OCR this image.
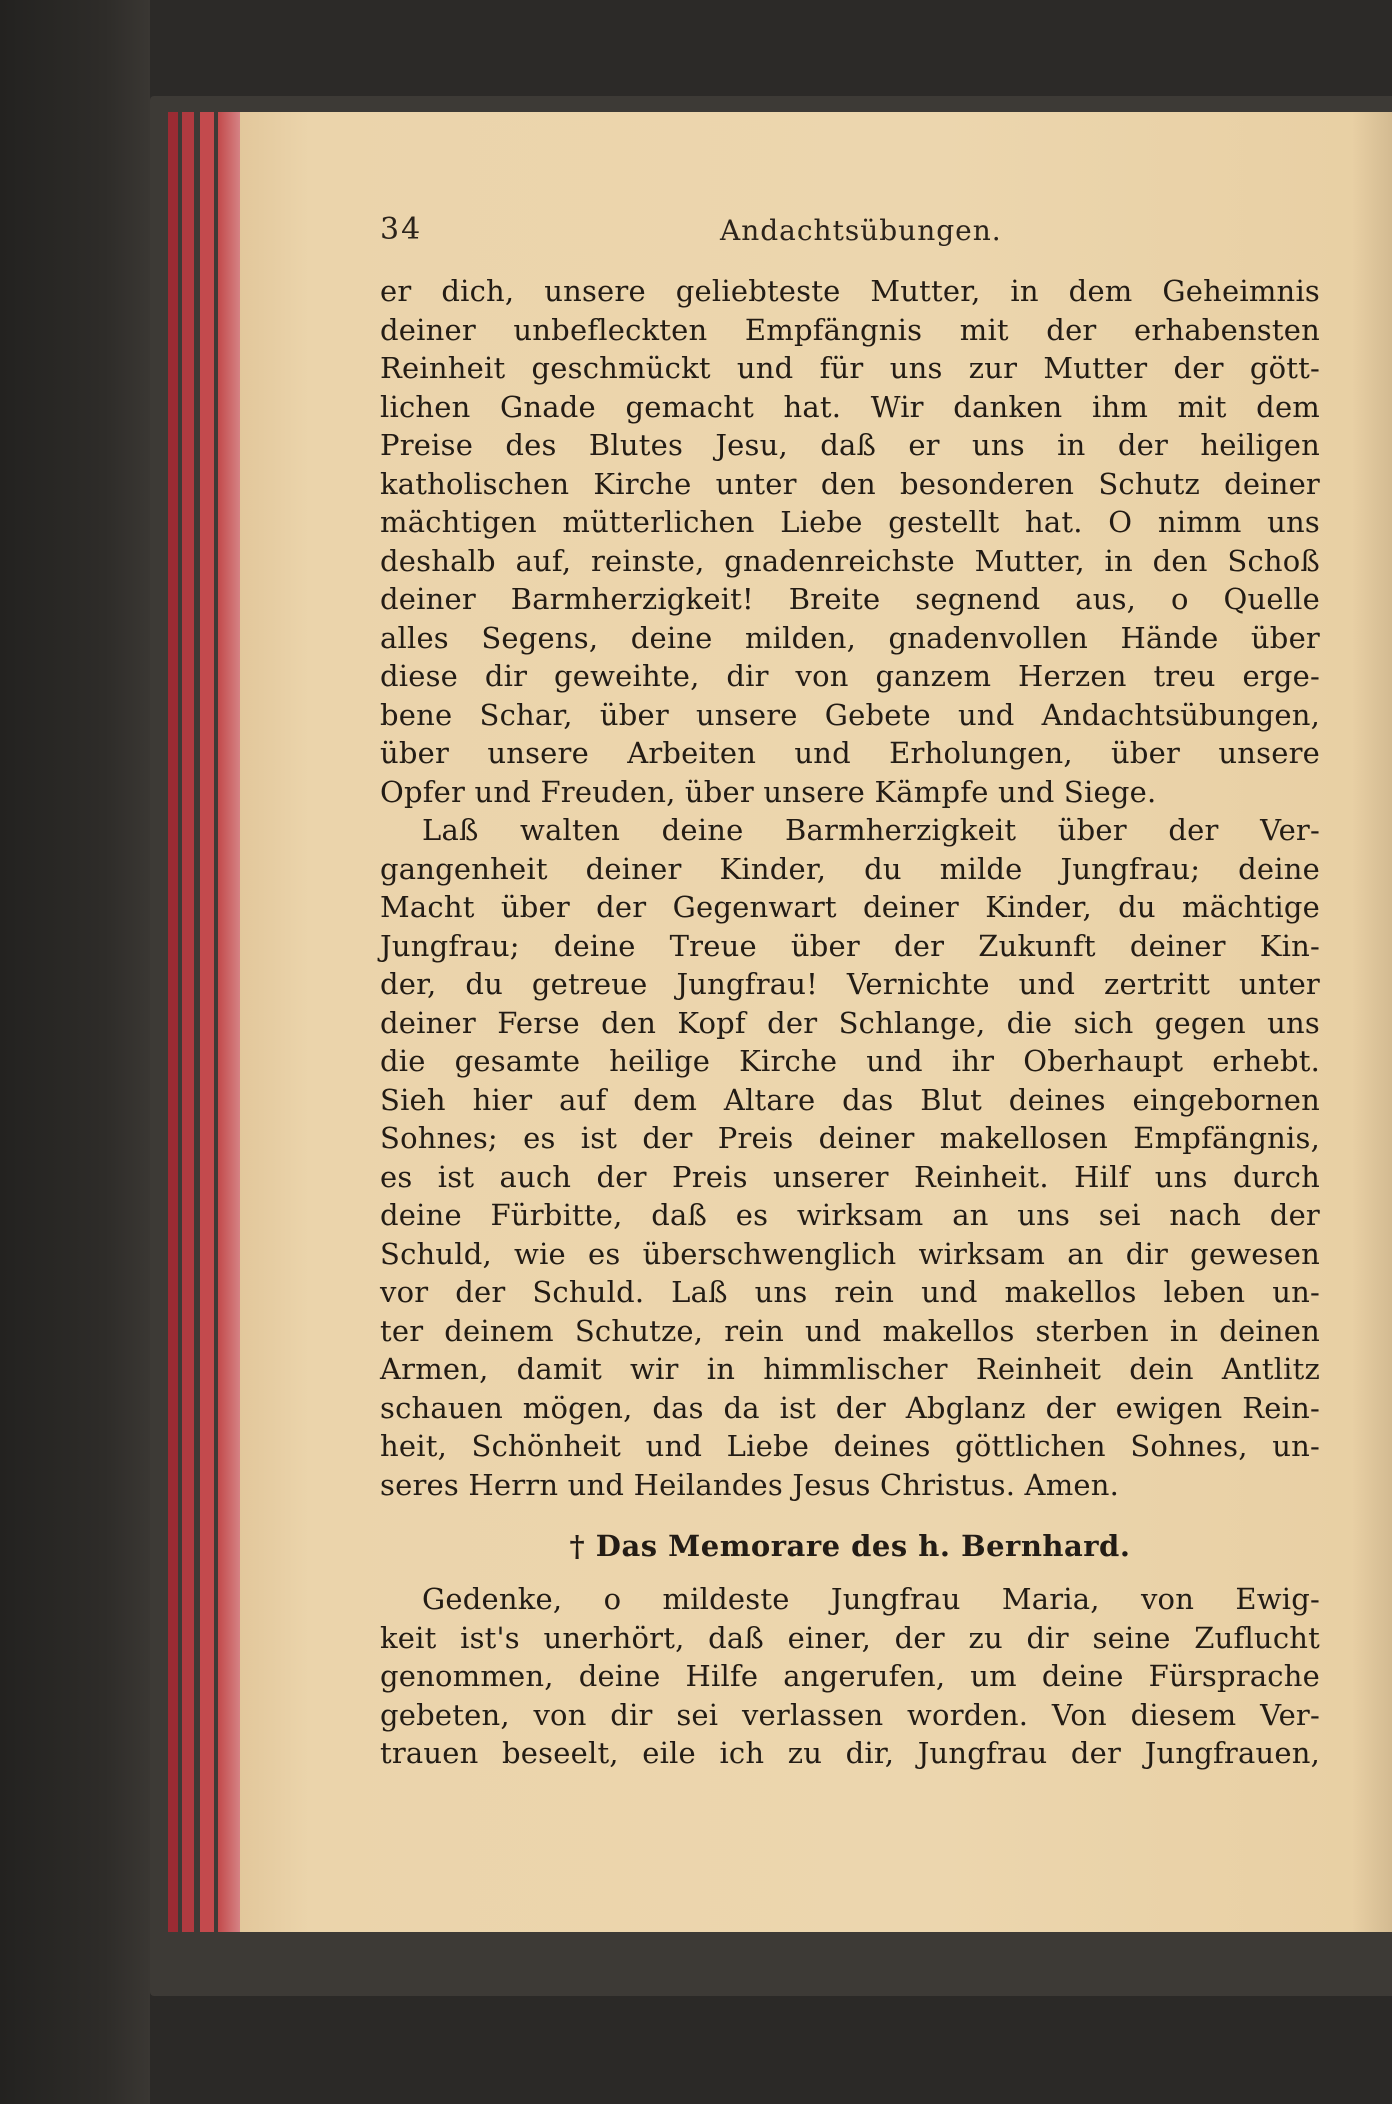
34	Andachtsübungen.
er dich, unsere geliebteste Mutter, in dem Geheimnis
deiner unbefleckten Empfängnis mit der erhabensten
Reinheit geschmückt und für uns zur Mutter der gött-
lichen Gnade gemacht hat. Wir danken ihm mit dem
Preise des Blutes Jesu, daß er uns in der heiligen
katholischen Kirche unter den besonderen Schutz deiner
mächtigen mütterlichen Liebe gestellt hat. O nimm uns
deshalb auf, reinste, gnadenreichste Mutter, in den Schoß
deiner Barmherzigkeit! Breite segnend aus, o Quelle
alles Segens, deine milden, gnadenvollen Hände über
diese dir geweihte, dir von ganzem Herzen treu erge-
bene Schar, über unsere Gebete und Andachtsübungen,
über unsere Arbeiten und Erholungen, über unsere
Opfer und Freuden, über unsere Kämpfe und Siege.
Laß walten deine Barmherzigkeit über der Ver-
gangenheit deiner Kinder, du milde Jungfrau; deine
Macht über der Gegenwart deiner Kinder, du mächtige
Jungfrau; deine Treue über der Zukunft deiner Kin-
der, du getreue Jungfrau! Vernichte und zertritt unter
deiner Ferse den Kopf der Schlange, die sich gegen uns
die gesamte heilige Kirche und ihr Oberhaupt erhebt.
Sieh hier auf dem Altare das Blut deines eingebornen
Sohnes; es ist der Preis deiner makellosen Empfängnis,
es ist auch der Preis unserer Reinheit. Hilf uns durch
deine Fürbitte, daß es wirksam an uns sei nach der
Schuld, wie es überschwenglich wirksam an dir gewesen
vor der Schuld. Laß uns rein und makellos leben un-
ter deinem Schutze, rein und makellos sterben in deinen
Armen, damit wir in himmlischer Reinheit dein Antlitz
schauen mögen, das da ist der Abglanz der ewigen Rein-
heit, Schönheit und Liebe deines göttlichen Sohnes, un-
seres Herrn und Heilandes Jesus Christus. Amen.
† Das Memorare des h. Bernhard.
Gedenke, o mildeste Jungfrau Maria, von Ewig-
keit ist's unerhört, daß einer, der zu dir seine Zuflucht
genommen, deine Hilfe angerufen, um deine Fürsprache
gebeten, von dir sei verlassen worden. Von diesem Ver-
trauen beseelt, eile ich zu dir, Jungfrau der Jungfrauen,
